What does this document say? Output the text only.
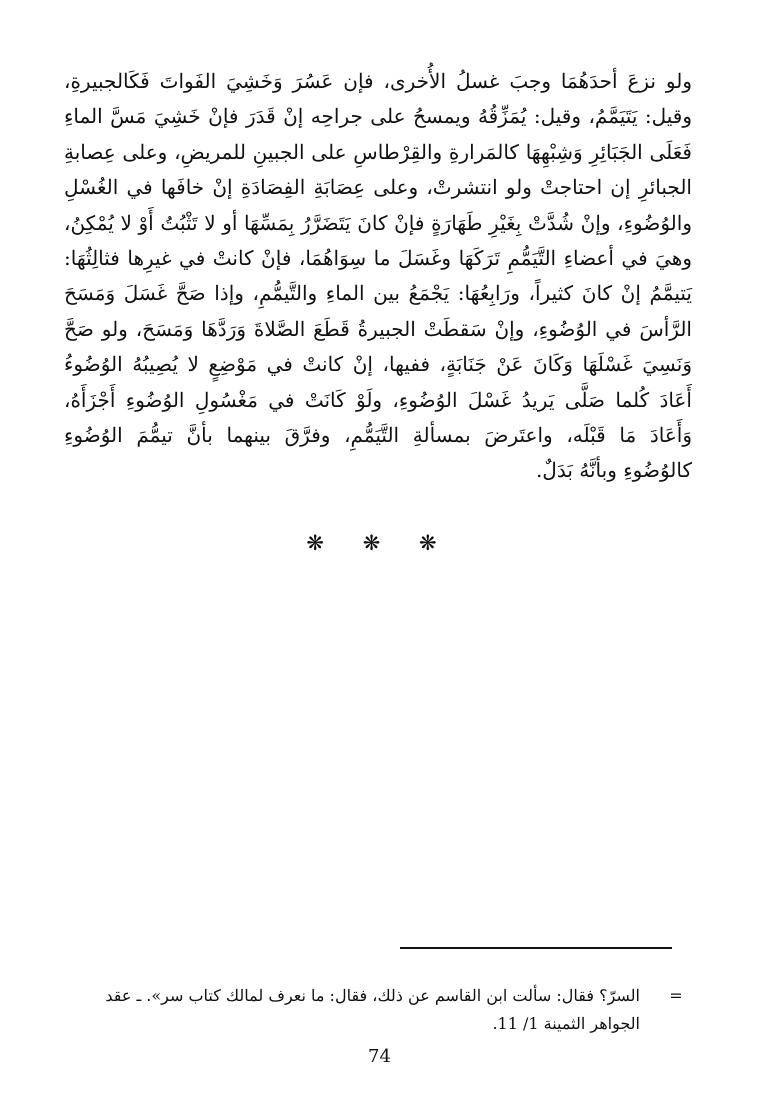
ولو نزعَ أحدَهُمَا وجبَ غسلُ الأُخرى، فإن عَسُرَ وَخَشِيَ الفَواتَ فَكَالجبيرةِ، وقيل: يَتَيَمَّمُ، وقيل: يُمَزِّقُهُ ويمسحُ على جراحِه إنْ قَدَرَ فإنْ خَشِيَ مَسَّ الماءِ فَعَلَى الجَبَائِرِ وَشِبْهِهَا كالمَرارةِ والقِرْطاسِ على الجبينِ للمريضِ، وعلى عِصابةِ الجبائرِ إن احتاجتْ ولو انتشرتْ، وعلى عِصَابَةِ الفِصَادَةِ إنْ خافَها في الغُسْلِ والوُضُوءِ، وإنْ شُدَّتْ بِغَيْرِ طَهَارَةٍ فإنْ كانَ يَتَضَرَّرُ بِمَسِّهَا أو لا تَثْبُتُ أَوْ لا يُمْكِنُ، وهيَ في أعضاءِ التَّيَمُّمِ تَرَكَهَا وغَسَلَ ما سِوَاهُمَا، فإنْ كانتْ في غيرِها فثالِثُهَا: يَتيمَّمُ إنْ كانَ كثيراً، ورَابِعُهَا: يَجْمَعُ بين الماءِ والتَّيمُّمِ، وإذا صَحَّ غَسَلَ وَمَسَحَ الرَّأسَ في الوُضُوءِ، وإنْ سَقطَتْ الجبيرةُ قَطَعَ الصَّلاةَ وَرَدَّهَا وَمَسَحَ، ولو صَحَّ وَنَسِيَ غَسْلَهَا وَكَانَ عَنْ جَنَابَةٍ، ففيها، إنْ كانتْ في مَوْضِعٍ لا يُصِيبُهُ الوُضُوءُ أَعَادَ كُلما صَلَّى يَريدُ غَسْلَ الوُضُوءِ، ولَوْ كَانَتْ في مَغْسُولِ الوُضُوءِ أَجْزَأَهُ، وَأَعَادَ مَا قَبْلَه، واعتَرضَ بمسألةِ التَّيَمُّمِ، وفرَّقَ بينهما بأنَّ تيمُّمَ الوُضُوءِ كالوُضُوءِ وبأنَّهُ بَدَلٌ.

❋ ❋ ❋
=

السرّ؟ فقال: سألت ابن القاسم عن ذلك، فقال: ما نعرف لمالك كتاب سر». ـ عقد الجواهر الثمينة 1/ 11.

74
